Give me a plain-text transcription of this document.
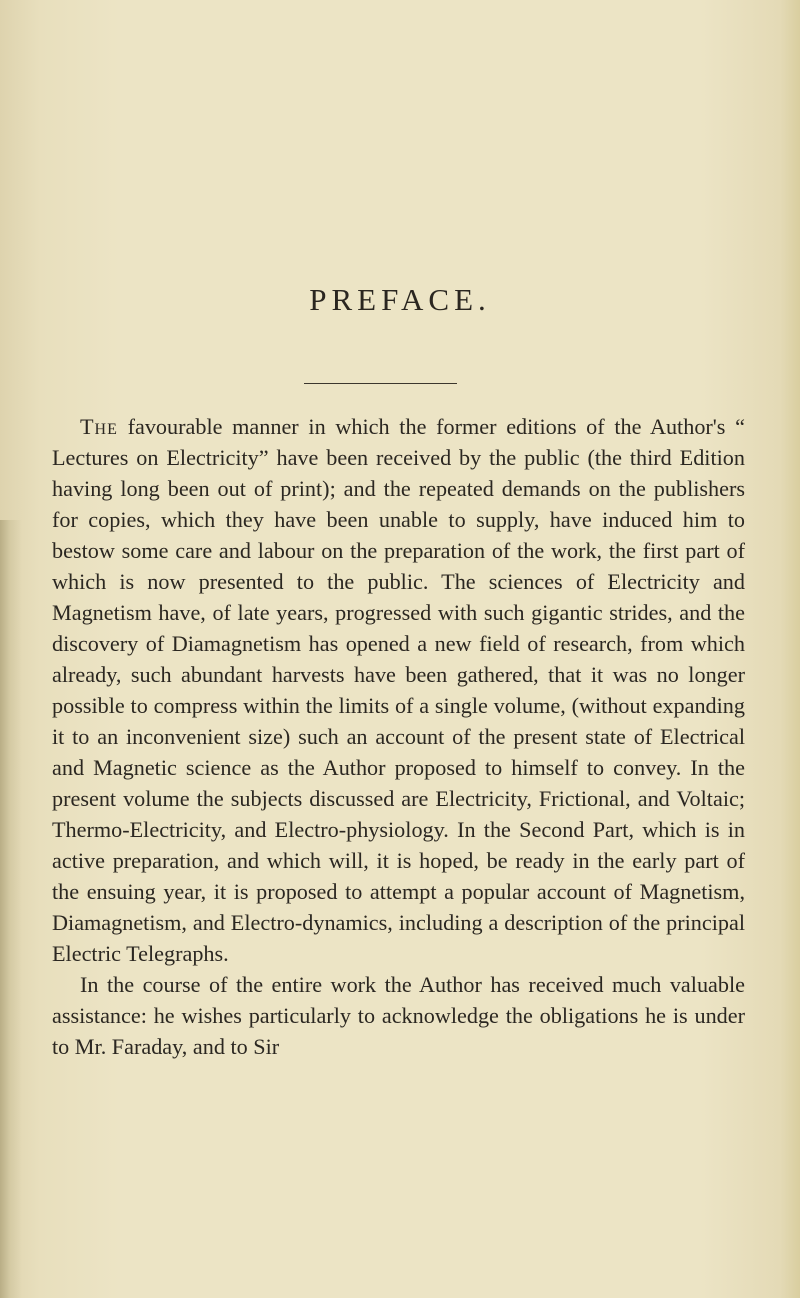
PREFACE.

The favourable manner in which the former editions of the Author's “ Lectures on Electricity” have been received by the public (the third Edition having long been out of print); and the repeated demands on the publishers for copies, which they have been unable to supply, have induced him to bestow some care and labour on the preparation of the work, the first part of which is now presented to the public. The sciences of Electricity and Magnetism have, of late years, progressed with such gigantic strides, and the discovery of Diamagnetism has opened a new field of research, from which already, such abundant harvests have been gathered, that it was no longer possible to compress within the limits of a single volume, (without expanding it to an inconvenient size) such an account of the present state of Electrical and Magnetic science as the Author proposed to himself to convey. In the present volume the subjects discussed are Electricity, Frictional, and Voltaic; Thermo-Electricity, and Electro-physiology. In the Second Part, which is in active preparation, and which will, it is hoped, be ready in the early part of the ensuing year, it is proposed to attempt a popular account of Magnetism, Diamagnetism, and Electro-dynamics, including a description of the principal Electric Telegraphs.

In the course of the entire work the Author has received much valuable assistance: he wishes particularly to acknowledge the obligations he is under to Mr. Faraday, and to Sir
